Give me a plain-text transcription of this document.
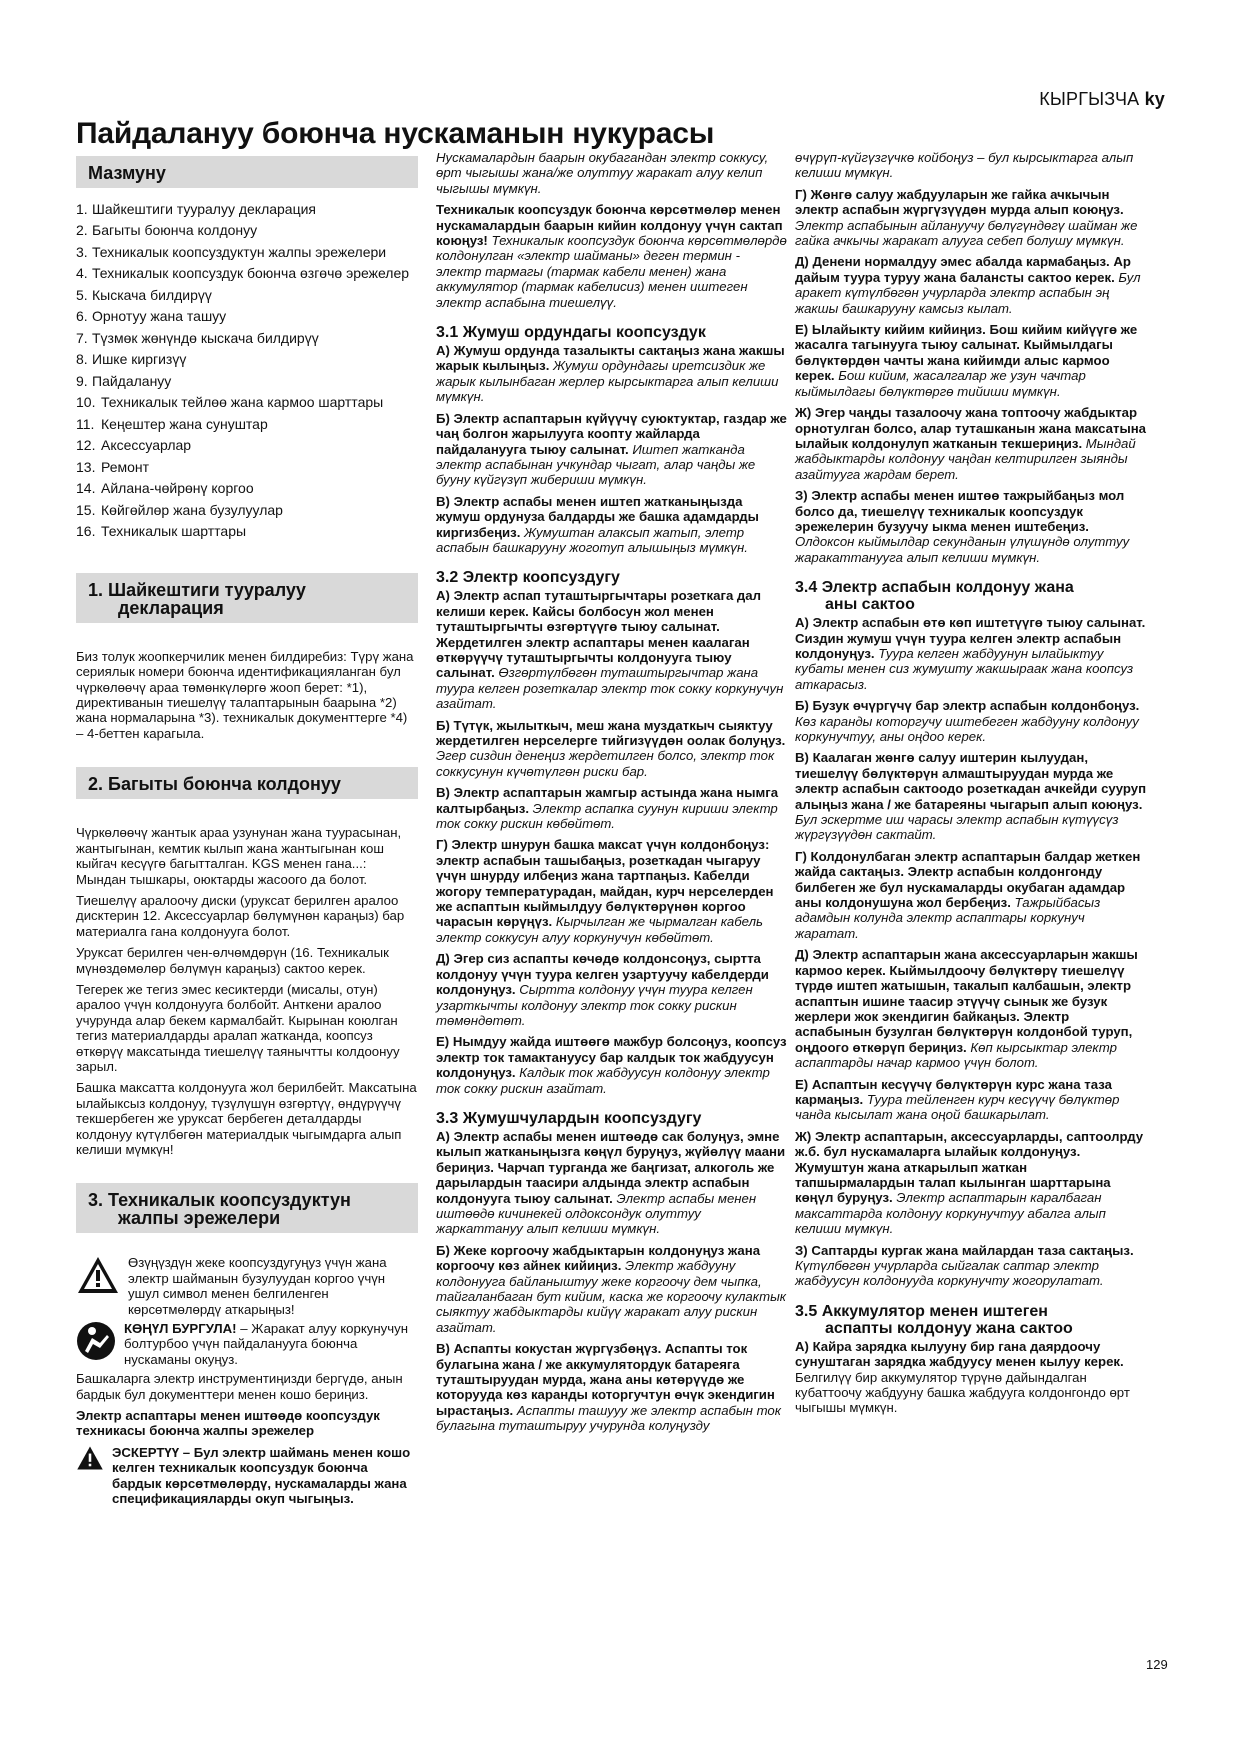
КЫРГЫЗЧА ky
Пайдалануу боюнча нускаманын нукурасы
Мазмуну
1. Шайкештиги тууралуу декларация
2. Багыты боюнча колдонуу
3. Техникалык коопсуздуктун жалпы эрежелери
4. Техникалык коопсуздук боюнча өзгөчө эрежелер
5. Кыскача билдирүү
6. Орнотуу жана ташуу
7. Түзмөк жөнүндө кыскача билдирүү
8. Ишке киргизүү
9. Пайдалануу
10. Техникалык тейлөө жана кармоо шарттары
11. Кеңештер жана сунуштар
12. Аксессуарлар
13. Ремонт
14. Айлана-чөйрөнү коргоо
15. Көйгөйлөр жана бузулуулар
16. Техникалык шарттары
1. Шайкештиги тууралуу
декларация

Биз толук жоопкерчилик менен билдиребиз: Түрү жана сериялык номери боюнча идентификацияланган бул чүркөлөөчү араа төмөнкүлөргө жооп берет: *1), директиванын тиешелүү талаптарынын баарына *2) жана нормаларына *3). техникалык документтерге *4) – 4-беттен карагыла.

2. Багыты боюнча колдонуу

Чүркөлөөчү жантык араа узунунан жана туурасынан, жантыгынан, кемтик кылып жана жантыгынан кош кыйгач кесүүгө багытталган. KGS менен гана...: Мындан тышкары, оюктарды жасоого да болот.

Тиешелүү аралоочу диски (уруксат берилген аралоо дисктерин 12. Аксессуарлар бөлүмүнөн караңыз) бар материалга гана колдонууга болот.

Уруксат берилген чен-өлчөмдөрүн (16. Техникалык мүнөздөмөлөр бөлүмүн караңыз) сактоо керек.

Тегерек же тегиз эмес кесиктерди (мисалы, отун) аралоо үчүн колдонууга болбойт. Анткени аралоо учурунда алар бекем кармалбайт. Кырынан коюлган тегиз материалдарды аралап жатканда, коопсуз өткөрүү максатында тиешелүү таянычтты колдоонуу зарыл.

Башка максатта колдонууга жол берилбейт. Максатына ылайыксыз колдонуу, түзүлүшүн өзгөртүү, өндүрүүчү текшербеген же уруксат бербеген деталдарды колдонуу күтүлбөгөн материалдык чыгымдарга алып келиши мүмкүн!

3. Техникалык коопсуздуктун
жалпы эрежелери
Өзүңүздүн жеке коопсуздугуңуз үчүн жана электр шайманын бузулуудан коргоо үчүн ушул символ менен белгиленген көрсөтмөлөрдү аткарыңыз!
КӨҢҮЛ БУРГУЛА! – Жаракат алуу коркунучун болтурбоо үчүн пайдаланууга боюнча нускаманы окуңуз.

Башкаларга электр инструментиңизди бергүдө, анын бардык бул документтери менен кошо бериңиз.

Электр аспаптары менен иштөөдө коопсуздук техникасы боюнча жалпы эрежелер

ЭСКЕРТҮҮ – Бул электр шаймань менен кошо келген техникалык коопсуздук боюнча бардык көрсөтмөлөрдү, нускамаларды жана спецификацияларды окуп чыгыңыз.

Нускамалардын баарын окубагандан электр соккусу, өрт чыгышы жана/же олуттуу жаракат алуу келип чыгышы мүмкүн.

Техникалык коопсуздук боюнча көрсөтмөлөр менен нускамалардын баарын кийин колдонуу үчүн сактап коюңуз! Техникалык коопсуздук боюнча көрсөтмөлөрдө колдонулган «электр шайманы» деген термин - электр тармагы (тармак кабели менен) жана аккумулятор (тармак кабелисиз) менен иштеген электр аспабына тиешелүү.

3.1 Жумуш ордундагы коопсуздук

А) Жумуш ордунда тазалыкты сактаңыз жана жакшы жарык кылыңыз. Жумуш ордундагы иретсиздик же жарык кылынбаган жерлер кырсыктарга алып келиши мүмкүн.

Б) Электр аспаптарын күйүүчү суюктуктар, газдар же чаң болгон жарылууга коопту жайларда пайдаланууга тыюу салынат. Иштеп жатканда электр аспабынан учкундар чыгат, алар чаңды же бууну күйгүзүп жибериши мүмкүн.

В) Электр аспабы менен иштеп жатканыңызда жумуш ордунуза балдарды же башка адамдарды киргизбеңиз. Жумуштан алаксып жатып, элетр аспабын башкарууну жоготуп алышыңыз мүмкүн.

3.2 Электр коопсуздугу

А) Электр аспап туташтыргычтары розеткага дал келиши керек. Кайсы болбосун жол менен туташтыргычты өзгөртүүгө тыюу салынат. Жердетилген электр аспаптары менен каалаган өткөрүүчү туташтыргычты колдонууга тыюу салынат. Өзгөртүлбөгөн туташтыргычтар жана туура келген розеткалар электр ток сокку коркунучун азайтат.

Б) Түтүк, жылыткыч, меш жана муздаткыч сыяктуу жердетилген нерселерге тийгизүүдөн оолак болуңуз. Эгер сиздин денеңиз жердетилген болсо, электр ток соккусунун күчөтүлгөн риски бар.

В) Электр аспаптарын жамгыр астында жана нымга калтырбаңыз. Электр аспапка суунун кириши электр ток сокку рискин көбөйтөт.

Г) Электр шнурун башка максат үчүн колдонбоңуз: электр аспабын ташыбаңыз, розеткадан чыгаруу үчүн шнурду илбеңиз жана тартпаңыз. Кабелди жогору температурадан, майдан, курч нерселерден же аспаптын кыймылдуу бөлүктөрүнөн коргоо чарасын көрүңүз. Кырчылган же чырмалган кабель электр соккусун алуу коркунучун көбөйтөт.

Д) Эгер сиз аспапты көчөдө колдонсоңуз, сыртта колдонуу үчүн туура келген узартуучу кабелдерди колдонуңуз. Сыртта колдонуу үчүн туура келген узарткычты колдонуу электр ток сокку рискин төмөндөтөт.

Е) Нымдуу жайда иштөөгө мажбур болсоңуз, коопсуз электр ток тамактануусу бар калдык ток жабдуусун колдонуңуз. Калдык ток жабдуусун колдонуу электр ток сокку рискин азайтат.

3.3 Жумушчулардын коопсуздугу

А) Электр аспабы менен иштөөдө сак болуңуз, эмне кылып жатканыңызга көңүл буруңуз, жүйөлүү маани бериңиз. Чарчап турганда же баңгизат, алкоголь же дарылардын таасири алдында электр аспабын колдонууга тыюу салынат. Электр аспабы менен иштөөдө кичинекей олдоксондук олуттуу жаркаттануу алып келиши мүмкүн.

Б) Жеке коргоочу жабдыктарын колдонуңуз жана коргоочу көз айнек кийиңиз. Электр жабдууну колдонууга байланыштуу жеке коргоочу дем чыпка, тайгаланбаган бут кийим, каска же коргоочу кулактык сыяктуу жабдыктарды кийүү жаракат алуу рискин азайтат.

В) Аспапты кокустан жүргүзбөңүз. Аспапты ток булагына жана / же аккумулятордук батареяга туташтыруудан мурда, жана аны көтөрүүдө же которууда көз каранды которгучтун өчүк экендигин ырастаңыз. Аспапты ташууу же электр аспабын ток булагына туташтыруу учурунда колуңузду

өчүрүп-күйгүзгүчкө койбоңуз – бул кырсыктарга алып келиши мүмкүн.

Г) Жөнгө салуу жабдууларын же гайка ачкычын электр аспабын жүргүзүүдөн мурда алып коюңуз. Электр аспабынын айлануучу бөлүгүндөгү шайман же гайка ачкычы жаракат алууга себеп болушу мүмкүн.

Д) Денени нормалдуу эмес абалда кармабаңыз. Ар дайым туура туруу жана балансты сактоо керек. Бул аракет күтүлбөгөн учурларда электр аспабын эң жакшы башкарууну камсыз кылат.

Е) Ылайыкту кийим кийиңиз. Бош кийим кийүүгө же жасалга тагынууга тыюу салынат. Кыймылдагы бөлүктөрдөн чачты жана кийимди алыс кармоо керек. Бош кийим, жасалгалар же узун чачтар кыймылдагы бөлүктөргө тийиши мүмкүн.

Ж) Эгер чаңды тазалоочу жана топтоочу жабдыктар орнотулган болсо, алар туташканын жана максатына ылайык колдонулуп жатканын текшериңиз. Мындай жабдыктарды колдонуу чаңдан келтирилген зыянды азайтууга жардам берет.

З) Электр аспабы менен иштөө тажрыйбаңыз мол болсо да, тиешелүү техникалык коопсуздук эрежелерин бузуучу ыкма менен иштебеңиз. Олдоксон кыймылдар секунданын үлүшүндө олуттуу жаракаттанууга алып келиши мүмкүн.

3.4 Электр аспабын колдонуу жана
аны сактоо

А) Электр аспабын өтө көп иштетүүгө тыюу салынат. Сиздин жумуш үчүн туура келген электр аспабын колдонуңуз. Туура келген жабдуунун ылайыктуу кубаты менен сиз жумушту жакшыраак жана коопсуз аткарасыз.

Б) Бузук өчүргүчү бар электр аспабын колдонбоңуз. Көз каранды которгучу иштебеген жабдууну колдонуу коркунучтуу, аны оңдоо керек.

В) Каалаган жөнгө салуу иштерин кылуудан, тиешелүү бөлүктөрүн алмаштыруудан мурда же электр аспабын сактоодо розеткадан ачкейди сууруп алыңыз жана / же батареяны чыгарып алып коюңуз. Бул эскертме иш чарасы электр аспабын күтүүсүз жүргүзүүдөн сактайт.

Г) Колдонулбаган электр аспаптарын балдар жеткен жайда сактаңыз. Электр аспабын колдонгонду билбеген же бул нускамаларды окубаган адамдар аны колдонушуна жол бербеңиз. Тажрыйбасыз адамдын колунда электр аспаптары коркунуч жаратат.

Д) Электр аспаптарын жана аксессуарларын жакшы кармоо керек. Кыймылдоочу бөлүктөрү тиешелүү түрдө иштеп жатышын, такалып калбашын, электр аспаптын ишине таасир этүүчү сынык же бузук жерлери жок экендигин байкаңыз. Электр аспабынын бузулган бөлүктөрүн колдонбой туруп, оңдоого өткөрүп бериңиз. Көп кырсыктар электр аспаптарды начар кармоо үчүн болот.

Е) Аспаптын кесүүчү бөлүктөрүн курс жана таза кармаңыз. Туура тейленген курч кесүүчү бөлүктөр чанда кысылат жана оңой башкарылат.

Ж) Электр аспаптарын, аксессуарларды, саптоолрду ж.б. бул нускамаларга ылайык колдонуңуз. Жумуштун жана аткарылып жаткан тапшырмалардын талап кылынган шарттарына көңүл буруңуз. Электр аспаптарын каралбаган максаттарда колдонуу коркунучтуу абалга алып келиши мүмкүн.

З) Саптарды кургак жана майлардан таза сактаңыз. Күтүлбөгөн учурларда сыйгалак саптар электр жабдуусун колдонууда коркунучту жогорулатат.

3.5 Аккумулятор менен иштеген
аспапты колдонуу жана сактоо

А) Кайра зарядка кылууну бир гана даярдоочу сунуштаган зарядка жабдууcу менен кылуу керек. Белгилүү бир аккумулятор түрүнө дайындалган кубаттоочу жабдууну башка жабдууга колдонгондо өрт чыгышы мүмкүн.

129
